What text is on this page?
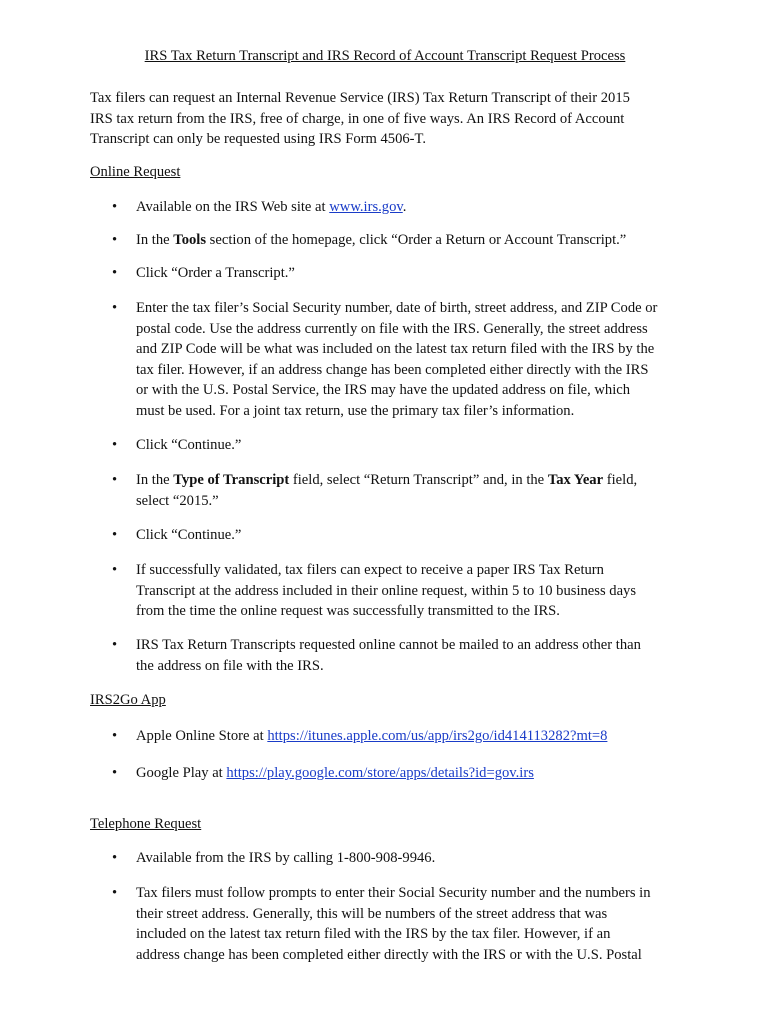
IRS Tax Return Transcript and IRS Record of Account Transcript Request Process
Tax filers can request an Internal Revenue Service (IRS) Tax Return Transcript of their 2015
IRS tax return from the IRS, free of charge, in one of five ways. An IRS Record of Account
Transcript can only be requested using IRS Form 4506-T.
Online Request
•	Available on the IRS Web site at www.irs.gov.
•	In the Tools section of the homepage, click “Order a Return or Account Transcript.”
•	Click “Order a Transcript.”
•	Enter the tax filer’s Social Security number, date of birth, street address, and ZIP Code or
postal code. Use the address currently on file with the IRS. Generally, the street address
and ZIP Code will be what was included on the latest tax return filed with the IRS by the
tax filer. However, if an address change has been completed either directly with the IRS
or with the U.S. Postal Service, the IRS may have the updated address on file, which
must be used. For a joint tax return, use the primary tax filer’s information.
•	Click “Continue.”
•	In the Type of Transcript field, select “Return Transcript” and, in the Tax Year field,
select “2015.”
•	Click “Continue.”
•	If successfully validated, tax filers can expect to receive a paper IRS Tax Return
Transcript at the address included in their online request, within 5 to 10 business days
from the time the online request was successfully transmitted to the IRS.
•	IRS Tax Return Transcripts requested online cannot be mailed to an address other than
the address on file with the IRS.
IRS2Go App
•	Apple Online Store at https://itunes.apple.com/us/app/irs2go/id414113282?mt=8
•	Google Play at https://play.google.com/store/apps/details?id=gov.irs
Telephone Request
•	Available from the IRS by calling 1-800-908-9946.
•	Tax filers must follow prompts to enter their Social Security number and the numbers in
their street address. Generally, this will be numbers of the street address that was
included on the latest tax return filed with the IRS by the tax filer. However, if an
address change has been completed either directly with the IRS or with the U.S. Postal
